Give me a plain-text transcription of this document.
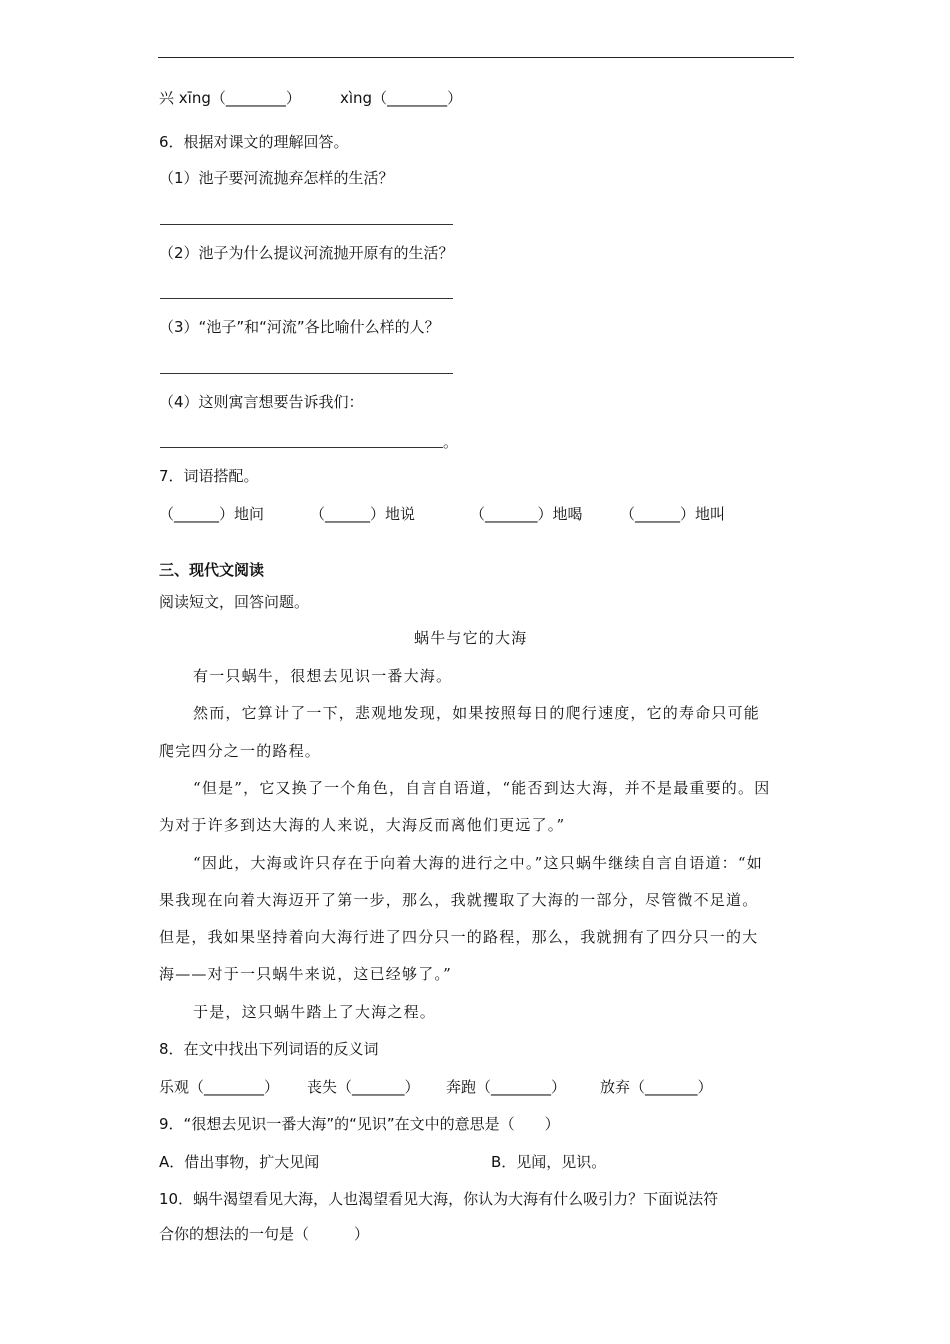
兴 xīng（________）	xìng（________）
6．根据对课文的理解回答。
（1）池子要河流抛弃怎样的生活？
（2）池子为什么提议河流抛开原有的生活？
（3）“池子”和“河流”各比喻什么样的人？
（4）这则寓言想要告诉我们：
。
7．词语搭配。
（______）地问	（______）地说	（_______）地喝 （______）地叫
三、现代文阅读
阅读短文，回答问题。
蜗牛与它的大海
有一只蜗牛，很想去见识一番大海。
然而，它算计了一下，悲观地发现，如果按照每日的爬行速度，它的寿命只可能
爬完四分之一的路程。
“但是”，它又换了一个角色，自言自语道，“能否到达大海，并不是最重要的。因
为对于许多到达大海的人来说，大海反而离他们更远了。”
“因此，大海或许只存在于向着大海的进行之中。”这只蜗牛继续自言自语道：“如
果我现在向着大海迈开了第一步，那么，我就攫取了大海的一部分，尽管微不足道。
但是，我如果坚持着向大海行进了四分只一的路程，那么，我就拥有了四分只一的大
海——对于一只蜗牛来说，这已经够了。”
于是，这只蜗牛踏上了大海之程。
8．在文中找出下列词语的反义词
乐观（________） 丧失（_______） 奔跑（________） 放弃（_______）
9．“很想去见识一番大海”的“见识”在文中的意思是（　　）
A．借出事物，扩大见闻	B．见闻，见识。
10．蜗牛渴望看见大海，人也渴望看见大海，你认为大海有什么吸引力？下面说法符
合你的想法的一句是（　　　）
